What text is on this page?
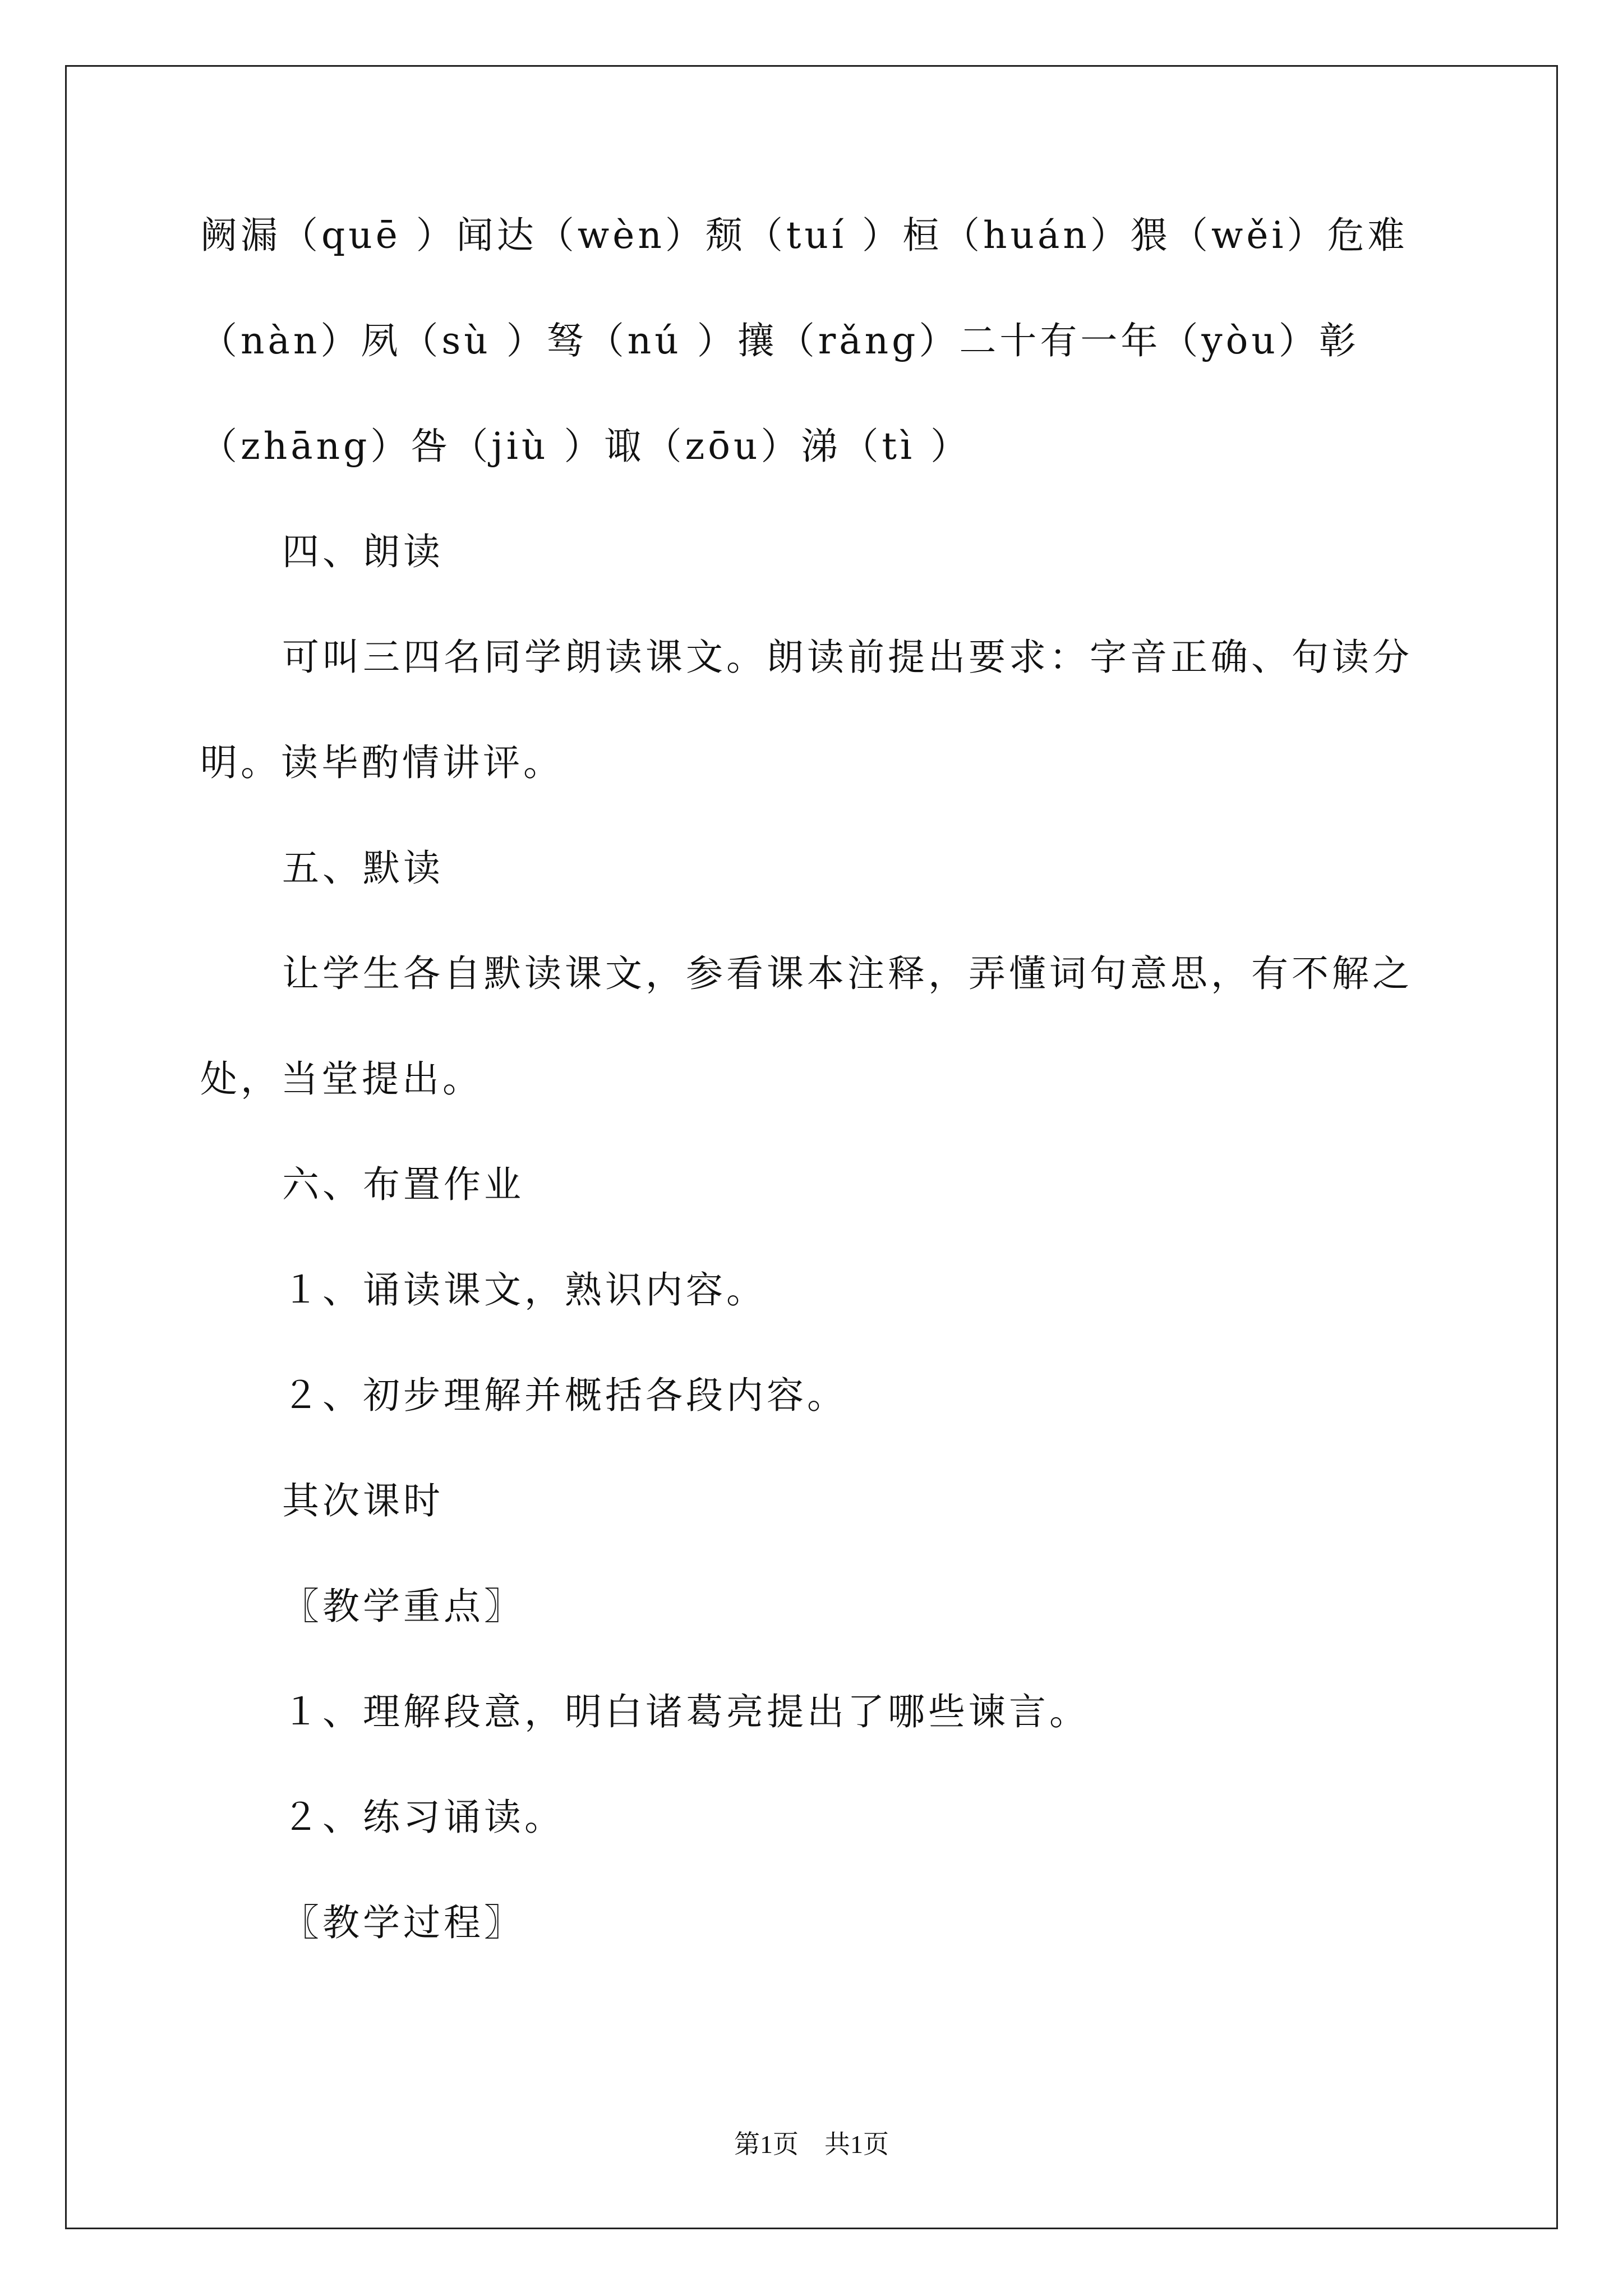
阙漏（quē ）闻达（wèn）颓（tuí ）桓（huán）猥（wěi）危难
（nàn）夙（sù ）驽（nú ）攘（rǎng）二十有一年（yòu）彰
（zhāng）咎（jiù ）诹（zōu）涕（tì ）
四、朗读
可叫三四名同学朗读课文。朗读前提出要求：字音正确、句读分
明。读毕酌情讲评。
五、默读
让学生各自默读课文，参看课本注释，弄懂词句意思，有不解之
处，当堂提出。
六、布置作业
１、诵读课文，熟识内容。
２、初步理解并概括各段内容。
其次课时
〖教学重点〗
１、理解段意，明白诸葛亮提出了哪些谏言。
２、练习诵读。
〖教学过程〗
第1页　共1页
